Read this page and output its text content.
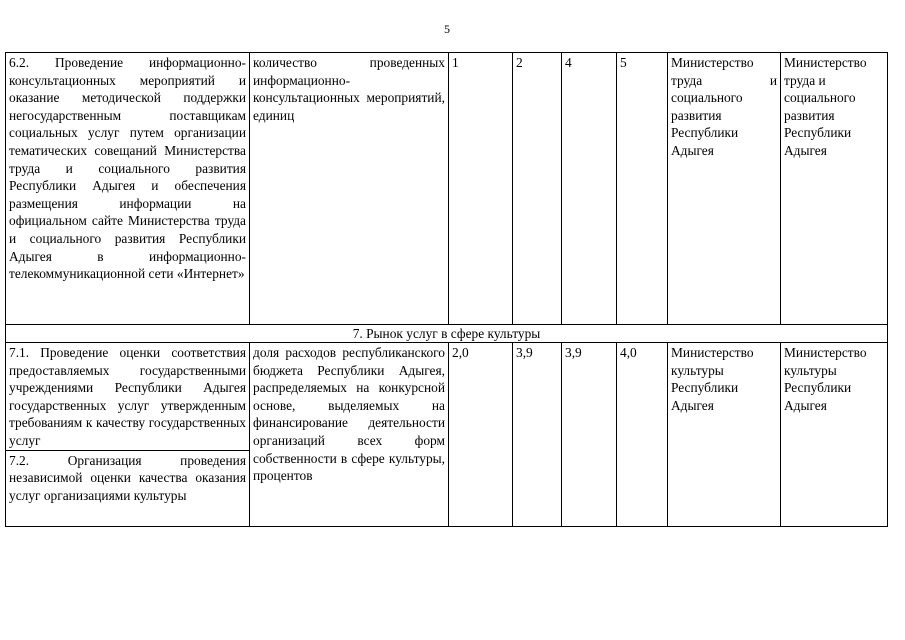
5
6.2. Проведение информационно-консультационных мероприятий и оказание методической поддержки негосударственным поставщикам социальных услуг путем организации тематических совещаний Министерства труда и социального развития Республики Адыгея и обеспечения размещения информации на официальном сайте Министерства труда и социального развития Республики Адыгея в информационно-телекоммуникационной сети «Интернет»	количество проведенных информационно-консультационных мероприятий, единиц	1	2	4	5	Министерство труда и социального развития Республики Адыгея	Министерство труда и социального развития Республики Адыгея
7. Рынок услуг в сфере культуры							
7.1. Проведение оценки соответствия предоставляемых государственными учреждениями Республики Адыгея государственных услуг утвержденным требованиям к качеству государственных услуг	доля расходов республиканского бюджета Республики Адыгея, распределяемых на конкурсной основе, выделяемых на финансирование деятельности организаций всех форм собственности в сфере культуры, процентов	2,0	3,9	3,9	4,0	Министерство культуры Республики Адыгея	Министерство культуры Республики Адыгея
7.2. Организация проведения независимой оценки качества оказания услуг организациями культуры							
